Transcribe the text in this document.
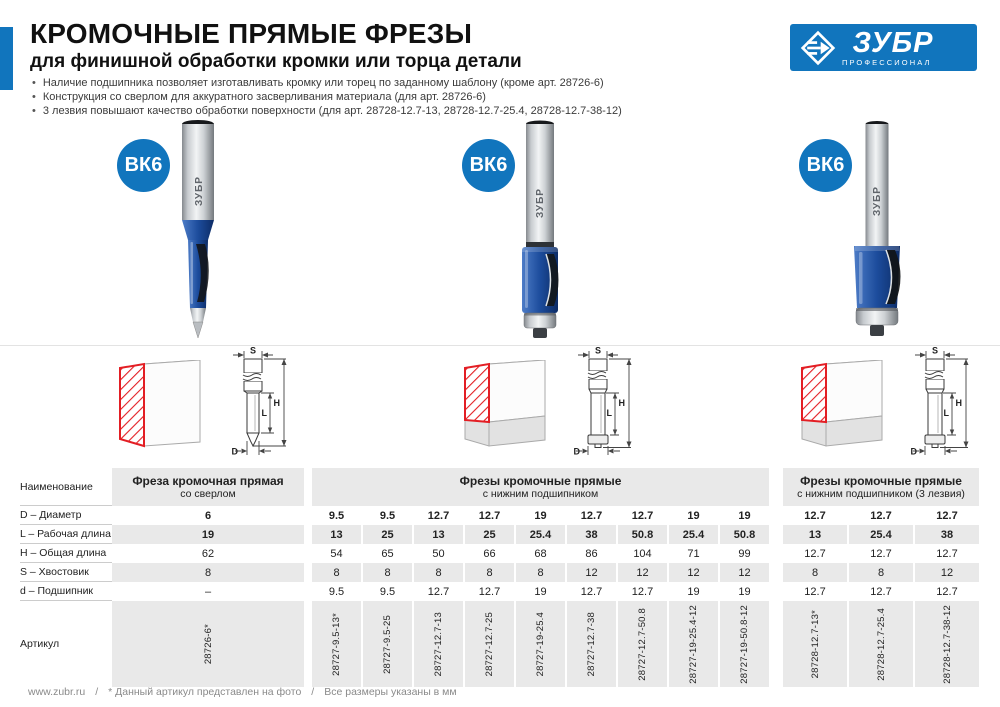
КРОМОЧНЫЕ ПРЯМЫЕ ФРЕЗЫ
для финишной обработки кромки или торца детали
• Наличие подшипника позволяет изготавливать кромку или торец по заданному шаблону (кроме арт. 28726-6)
• Конструкция со сверлом для аккуратного засверливания материала (для арт. 28726-6)
• 3 лезвия повышают качество обработки поверхности (для арт. 28728-12.7-13, 28728-12.7-25.4, 28728-12.7-38-12)
ЗУБР
ПРОФЕССИОНАЛ
ВК6	ВК6	ВК6
ЗУБР	ЗУБР	ЗУБР
S
H
L
D
S
H
L
D
S
H
L
D
Наименование	Фреза кромочная прямая
со сверлом
Фрезы кромочные прямые
с нижним подшипником
Фрезы кромочные прямые
с нижним подшипником (3 лезвия)
D – Диаметр	6	9.5	9.5	12.7	12.7	19	12.7	12.7	19	19	12.7	12.7	12.7
L – Рабочая длина	19	13	25	13	25	25.4	38	50.8	25.4	50.8	13	25.4	38
H – Общая длина	62	54	65	50	66	68	86	104	71	99	12.7	12.7	12.7
S – Хвостовик	8	8	8	8	8	8	12	12	12	12	8	8	12
d – Подшипник	–	9.5	9.5	12.7	12.7	19	12.7	12.7	19	19	12.7	12.7	12.7
Артикул	28726-6*	28727-9.5-13*	28727-9.5-25	28727-12.7-13	28727-12.7-25	28727-19-25.4	28727-12.7-38	28727-12.7-50.8	28727-19-25.4-12	28727-19-50.8-12	28728-12.7-13*	28728-12.7-25.4	28728-12.7-38-12
www.zubr.ru / * Данный артикул представлен на фото / Все размеры указаны в мм
